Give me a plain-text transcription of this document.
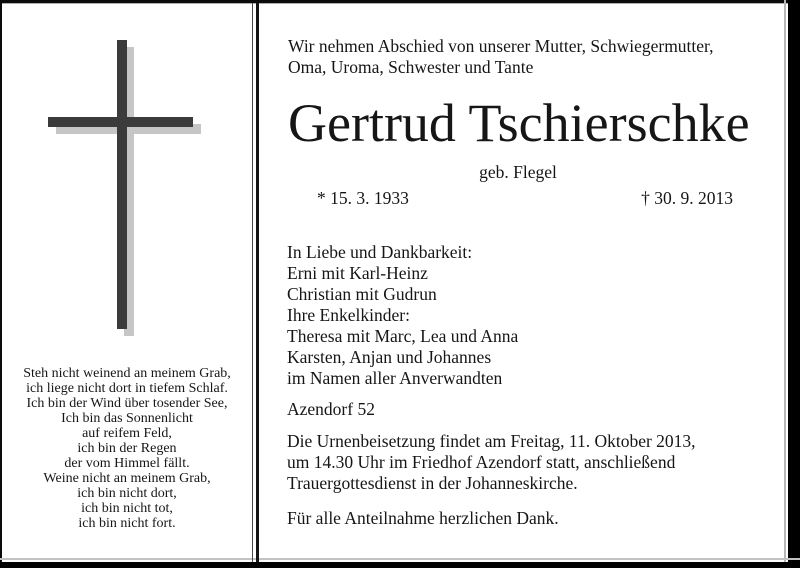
Steh nicht weinend an meinem Grab,
ich liege nicht dort in tiefem Schlaf.
Ich bin der Wind über tosender See,
Ich bin das Sonnenlicht
auf reifem Feld,
ich bin der Regen
der vom Himmel fällt.
Weine nicht an meinem Grab,
ich bin nicht dort,
ich bin nicht tot,
ich bin nicht fort.
Wir nehmen Abschied von unserer Mutter, Schwiegermutter,
Oma, Uroma, Schwester und Tante
Gertrud Tschierschke
geb. Flegel
* 15. 3. 1933	† 30. 9. 2013
In Liebe und Dankbarkeit:
Erni mit Karl-Heinz
Christian mit Gudrun
Ihre Enkelkinder:
Theresa mit Marc, Lea und Anna
Karsten, Anjan und Johannes
im Namen aller Anverwandten
Azendorf 52
Die Urnenbeisetzung findet am Freitag, 11. Oktober 2013,
um 14.30 Uhr im Friedhof Azendorf statt, anschließend
Trauergottesdienst in der Johanneskirche.
Für alle Anteilnahme herzlichen Dank.
